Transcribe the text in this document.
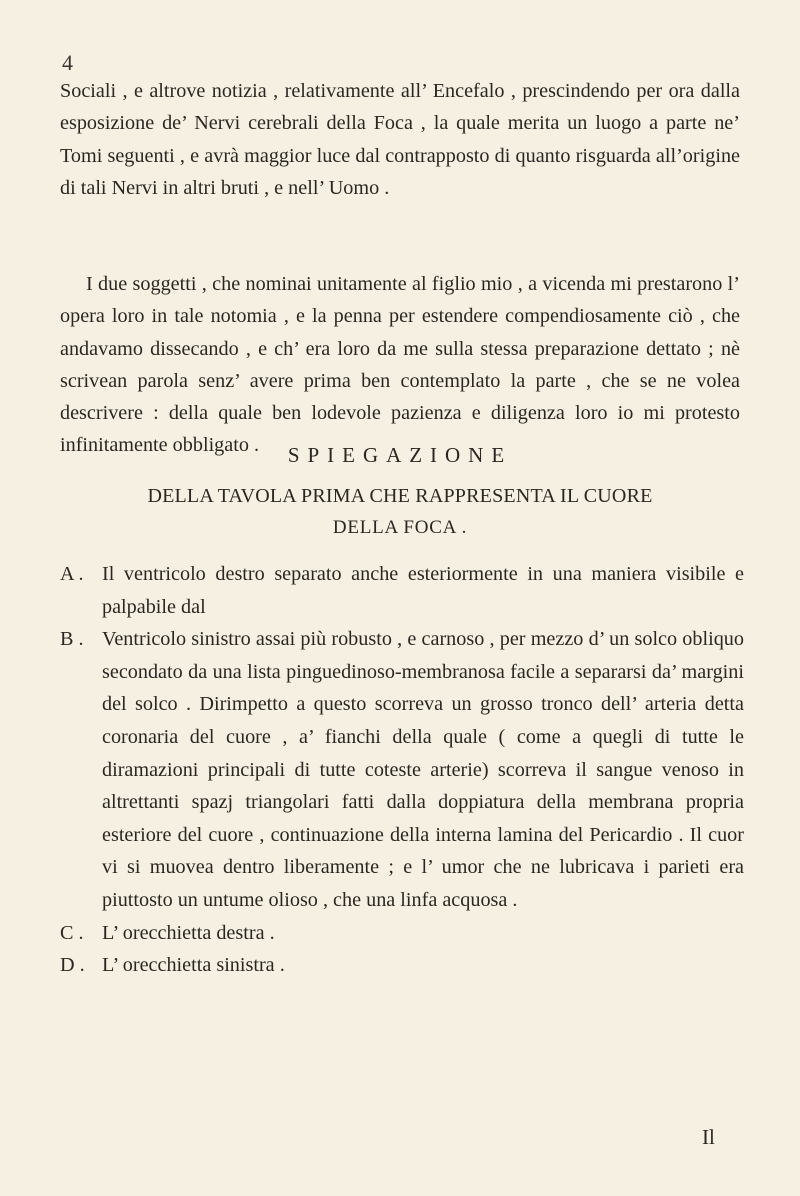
4

Sociali , e altrove notizia , relativamente all’ Encefalo , prescindendo per ora dalla esposizione de’ Nervi cerebrali della Foca , la quale merita un luogo a parte ne’ Tomi seguenti , e avrà maggior luce dal contrapposto di quanto risguarda all’origine di tali Nervi in altri bruti , e nell’ Uomo .

I due soggetti , che nominai unitamente al figlio mio , a vicenda mi prestarono l’ opera loro in tale notomia , e la penna per estendere compendiosamente ciò , che andavamo dissecando , e ch’ era loro da me sulla stessa preparazione dettato ; nè scrivean parola senz’ avere prima ben contemplato la parte , che se ne volea descrivere : della quale ben lodevole pazienza e diligenza loro io mi protesto infinitamente obbligato .	SPIEGAZIONE
DELLA TAVOLA PRIMA CHE RAPPRESENTA IL CUORE
DELLA FOCA .
A . Il ventricolo destro separato anche esteriormente in una maniera visibile e palpabile dal
B . Ventricolo sinistro assai più robusto , e carnoso , per mezzo d’ un solco obliquo secondato da una lista pinguedinoso-membranosa facile a separarsi da’ margini del solco . Dirimpetto a questo scorreva un grosso tronco dell’ arteria detta coronaria del cuore , a’ fianchi della quale ( come a quegli di tutte le diramazioni principali di tutte coteste arterie) scorreva il sangue venoso in altrettanti spazj triangolari fatti dalla doppiatura della membrana propria esteriore del cuore , continuazione della interna lamina del Pericardio . Il cuor vi si muovea dentro liberamente ; e l’ umor che ne lubricava i parieti era piuttosto un untume olioso , che una linfa acquosa .
C . L’ orecchietta destra .
D . L’ orecchietta sinistra .
Il
